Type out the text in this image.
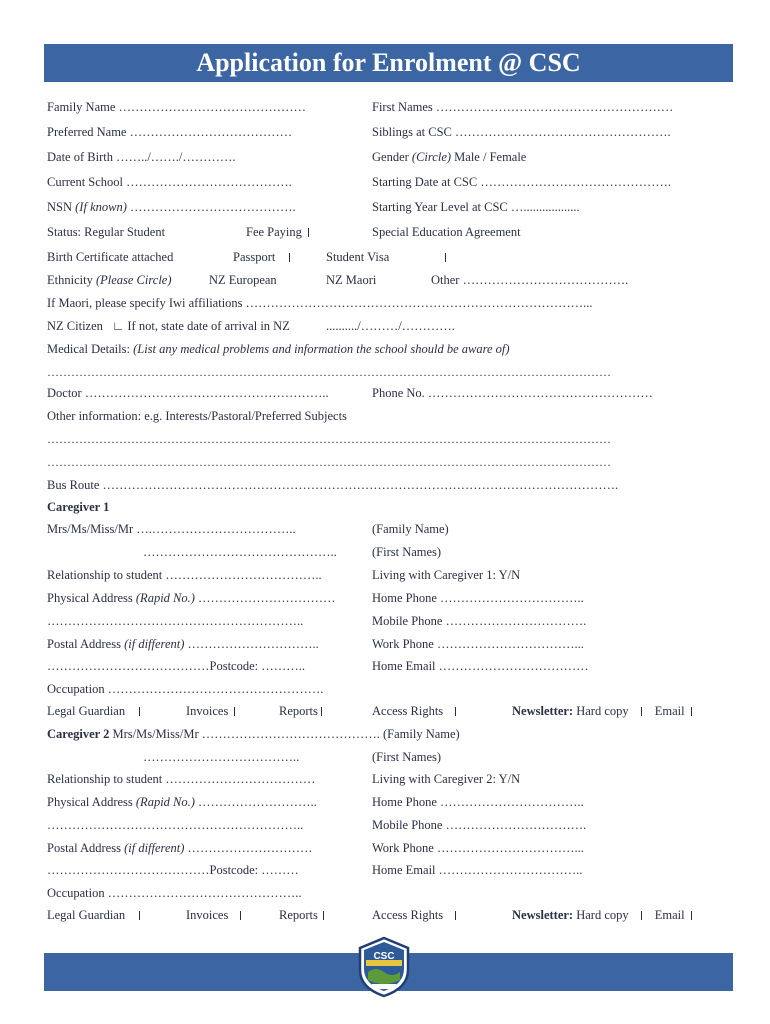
Application for Enrolment @ CSC
Family Name ………………………………………	First Names …………………………………………………
Preferred Name …………………………………	Siblings at CSC …………………………………………….
Date of Birth ……../……./………….	Gender (Circle) Male / Female
Current School ………………………………….	Starting Date at CSC ……………………………………….
NSN (If known) ………………………………….	Starting Year Level at CSC …..................
Status: Regular Student	Fee Paying	Special Education Agreement
Birth Certificate attached	Passport	Student Visa
Ethnicity (Please Circle)	NZ European	NZ Maori	Other ………………………………….
If Maori, please specify Iwi affiliations ………………………………………………………………………...
NZ Citizen ∟ If not, state date of arrival in NZ	........../………/………….
Medical Details: (List any medical problems and information the school should be aware of)
……………………………………………………………………………………………………………………………
Doctor …………………………………………………..	Phone No. ………………………………………………
Other information: e.g. Interests/Pastoral/Preferred Subjects
……………………………………………………………………………………………………………………………
……………………………………………………………………………………………………………………………
Bus Route …………………………………………………………………………………………………………….
Caregiver 1
Mrs/Ms/Miss/Mr ….……………………………..	(Family Name)
………………………………………..	(First Names)
Relationship to student ………………………………..	Living with Caregiver 1: Y/N
Physical Address (Rapid No.) ……………………………	Home Phone ……………………………..
……………………………………………………..	Mobile Phone …………………………….
Postal Address (if different) …………………………..	Work Phone ……………………………...
…………………………………Postcode: ………..	Home Email ………………………………
Occupation …………………………………………….
Legal Guardian	Invoices	Reports	Access Rights	Newsletter: Hard copy Email
Caregiver 2 Mrs/Ms/Miss/Mr ……………………………………. (Family Name)
………………………………..	(First Names)
Relationship to student ………………………………	Living with Caregiver 2: Y/N
Physical Address (Rapid No.) ………………………..	Home Phone ……………………………..
……………………………………………………..	Mobile Phone …………………………….
Postal Address (if different) …………………………	Work Phone ……………………………...
…………………………………Postcode: ………	Home Email ……………………………..
Occupation ………………………………………..
Legal Guardian	Invoices	Reports	Access Rights	Newsletter: Hard copy Email
CSC
